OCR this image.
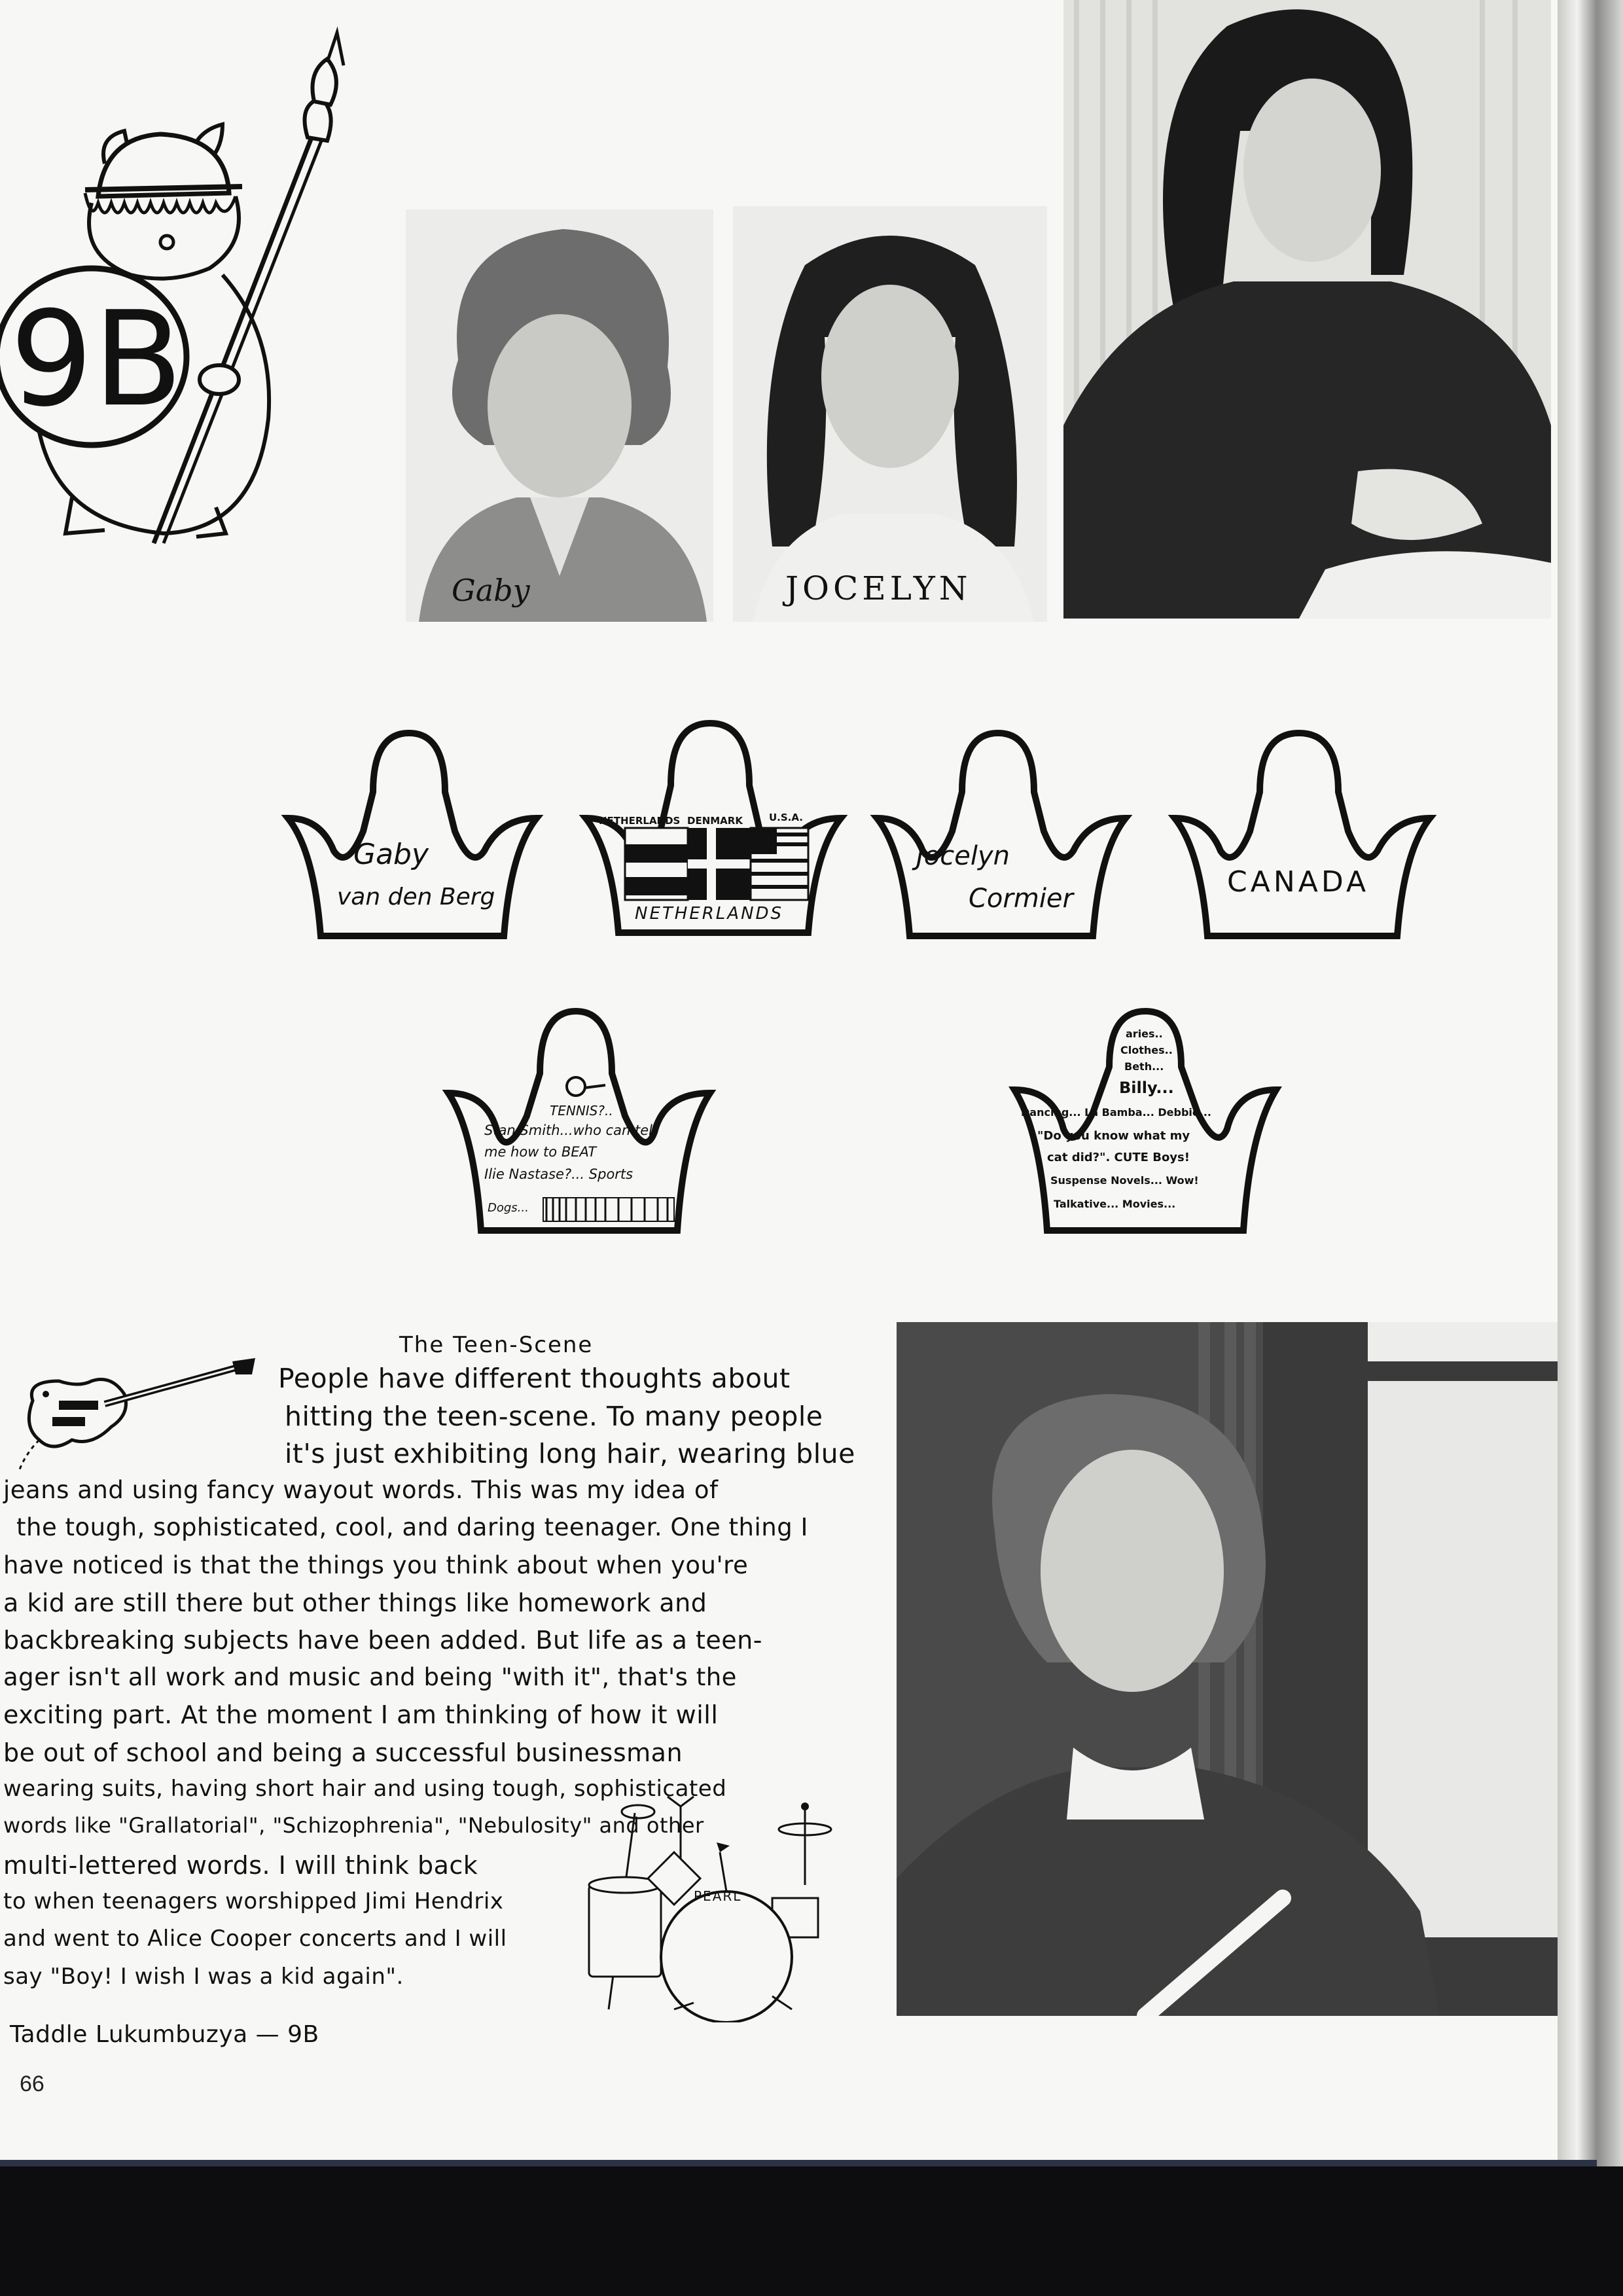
9B
Gaby	JOCELYN
Gaby
van den Berg
NETHERLANDS DENMARK	U.S.A.
NETHERLANDS
Jocelyn
Cormier	CANADA
TENNIS?..
Stan Smith...who can tell
me how to BEAT
Ilie Nastase?... Sports
Dogs...
aries..
Clothes..
Beth...
Billy...
Dancing... La Bamba... Debbie...
"Do you know what my
cat did?". CUTE Boys!
Suspense Novels... Wow!
Talkative... Movies...
The Teen-Scene
People have different thoughts about
hitting the teen-scene. To many people
it's just exhibiting long hair, wearing blue
jeans and using fancy wayout words. This was my idea of
the tough, sophisticated, cool, and daring teenager. One thing I
have noticed is that the things you think about when you're
a kid are still there but other things like homework and
backbreaking subjects have been added. But life as a teen-
ager isn't all work and music and being "with it", that's the
exciting part. At the moment I am thinking of how it will
be out of school and being a successful businessman
wearing suits, having short hair and using tough, sophisticated
words like "Grallatorial", "Schizophrenia", "Nebulosity" and other
multi-lettered words. I will think back
to when teenagers worshipped Jimi Hendrix
and went to Alice Cooper concerts and I will
say "Boy! I wish I was a kid again".
Taddle Lukumbuzya — 9B
PEARL
66
